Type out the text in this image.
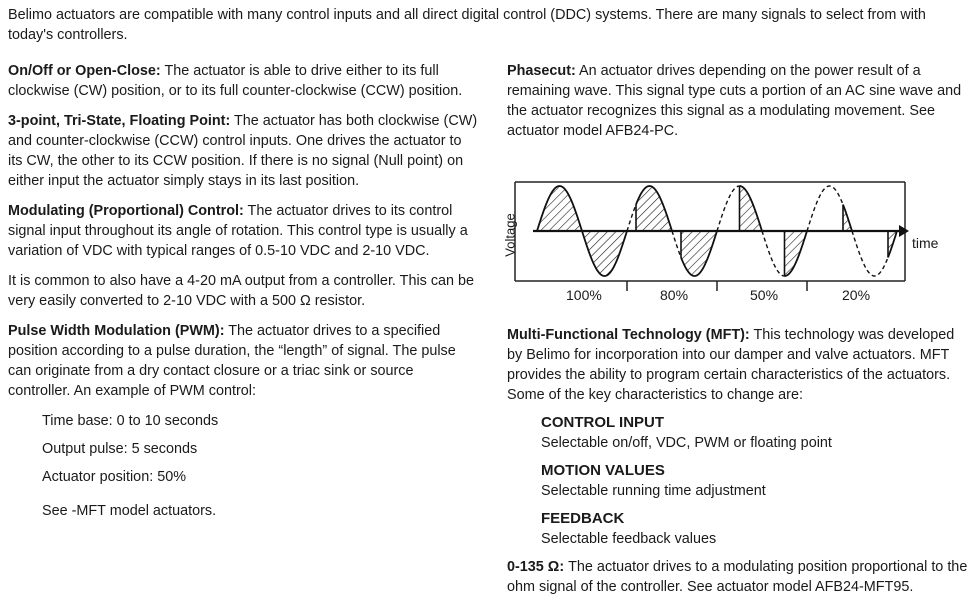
Belimo actuators are compatible with many control inputs and all direct digital control (DDC) systems. There are many signals to select from with today's controllers.

On/Off or Open-Close: The actuator is able to drive either to its full clockwise (CW) position, or to its full counter-clockwise (CCW) position.

3-point, Tri-State, Floating Point: The actuator has both clockwise (CW) and counter-clockwise (CCW) control inputs. One drives the actuator to its CW, the other to its CCW position. If there is no signal (Null point) on either input the actuator simply stays in its last position.

Modulating (Proportional) Control: The actuator drives to its control signal input throughout its angle of rotation. This control type is usually a variation of VDC with typical ranges of 0.5-10 VDC and 2-10 VDC.

It is common to also have a 4-20 mA output from a controller. This can be very easily converted to 2-10 VDC with a 500 Ω resistor.

Pulse Width Modulation (PWM): The actuator drives to a specified position according to a pulse duration, the “length” of signal. The pulse can originate from a dry contact closure or a triac sink or source controller. An example of PWM control:

Time base: 0 to 10 seconds

Output pulse: 5 seconds

Actuator position: 50%

See -MFT model actuators.

Phasecut: An actuator drives depending on the power result of a remaining wave. This signal type cuts a portion of an AC sine wave and the actuator recognizes this signal as a modulating movement. See actuator model AFB24-PC.

Voltage	time
100%	80%	50%	20%

Multi-Functional Technology (MFT): This technology was developed by Belimo for incorporation into our damper and valve actuators. MFT provides the ability to program certain characteristics of the actuators. Some of the key characteristics to change are:

CONTROL INPUT
Selectable on/off, VDC, PWM or floating point
MOTION VALUES
Selectable running time adjustment
FEEDBACK
Selectable feedback values

0-135 Ω: The actuator drives to a modulating position proportional to the ohm signal of the controller. See actuator model AFB24-MFT95.
